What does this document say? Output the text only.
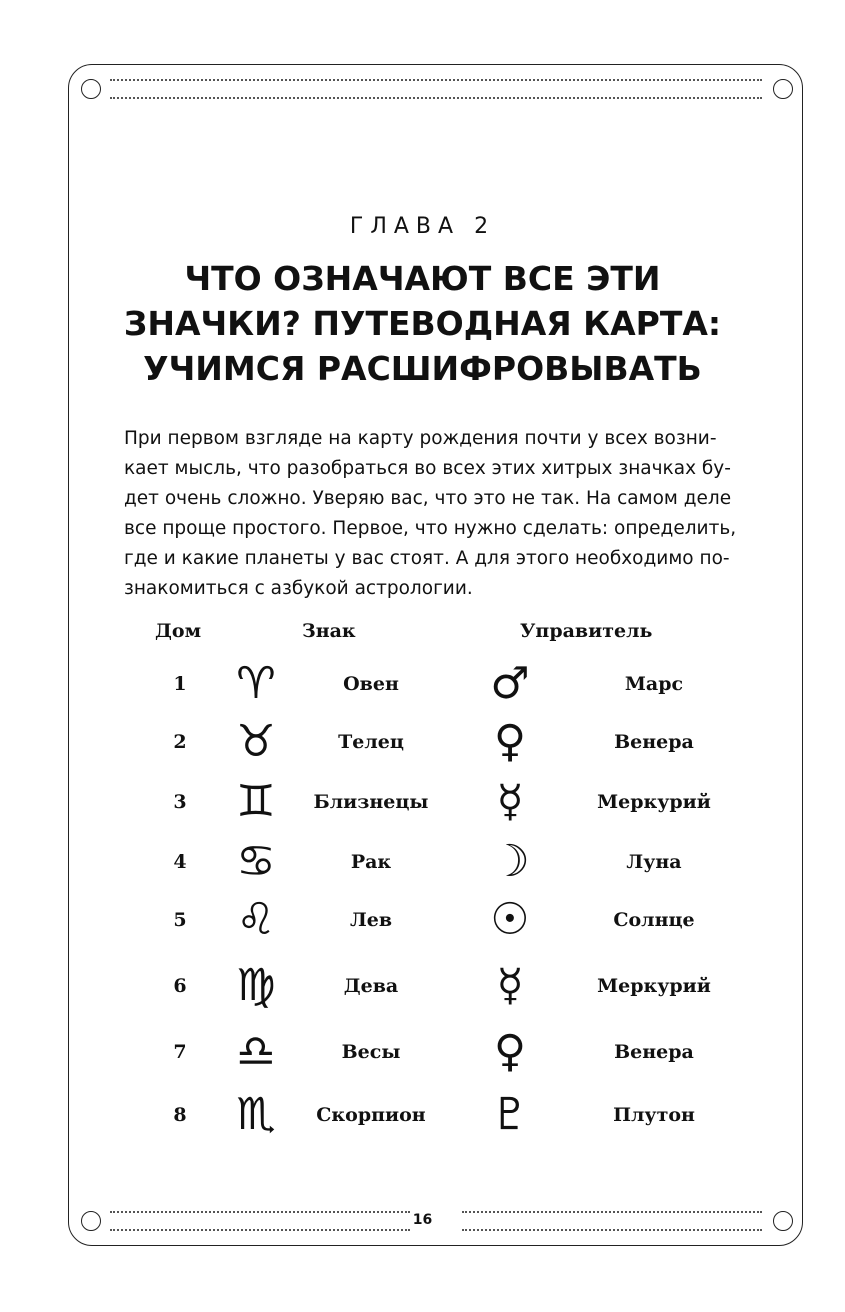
ГЛАВА 2
ЧТО ОЗНАЧАЮТ ВСЕ ЭТИ
ЗНАЧКИ? ПУТЕВОДНАЯ КАРТА:
УЧИМСЯ РАСШИФРОВЫВАТЬ
При первом взгляде на карту рождения почти у всех возни-
кает мысль, что разобраться во всех этих хитрых значках бу-
дет очень сложно. Уверяю вас, что это не так. На самом деле
все проще простого. Первое, что нужно сделать: определить,
где и какие планеты у вас стоят. А для этого необходимо по-
знакомиться с азбукой астрологии.
Дом	Знак	Управитель
1	♈	Овен	♂	Марс
2	♉	Телец	♀	Венера
3	♊	Близнецы	☿	Меркурий
4	♋	Рак	☽	Луна
5	♌	Лев	☉	Солнце
6	♍	Дева	☿	Меркурий
7	♎	Весы	♀	Венера
8	♏	Скорпион	♇	Плутон
16
